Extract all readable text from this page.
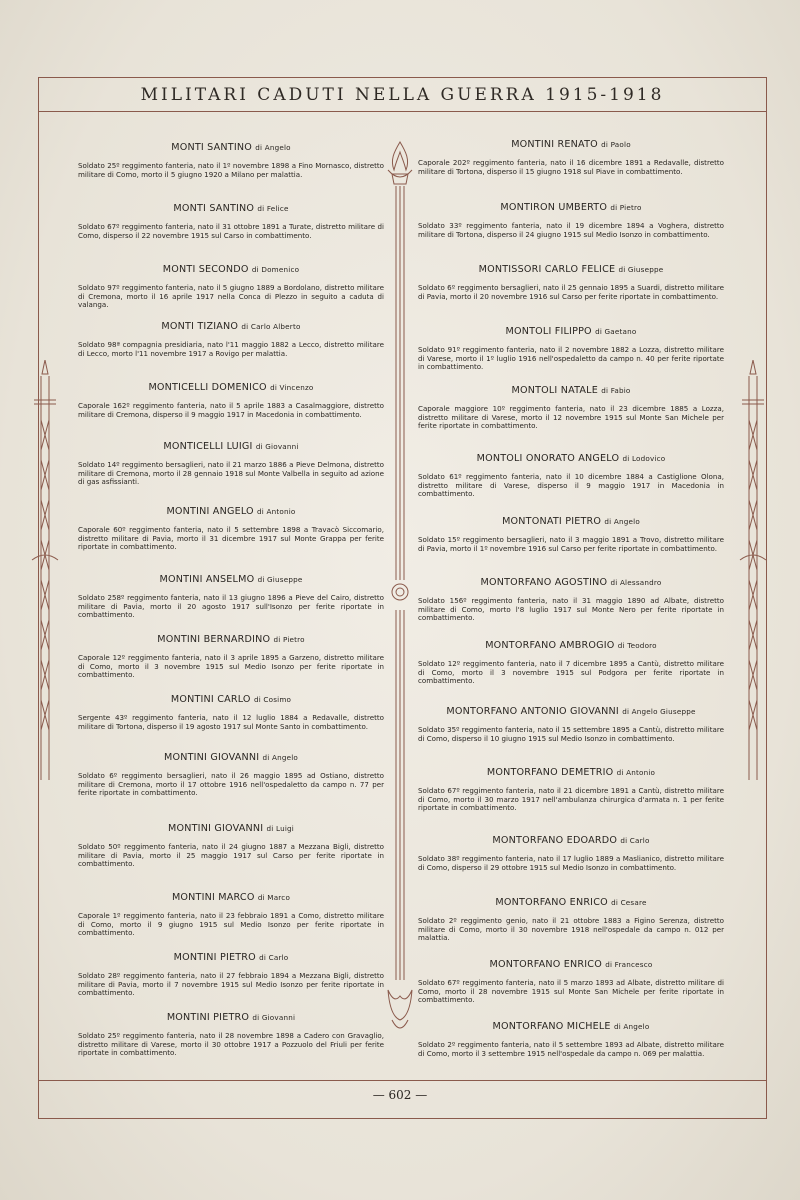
MILITARI CADUTI NELLA GUERRA 1915-1918
MONTI SANTINO di Angelo
Soldato 25º reggimento fanteria, nato il 1º novembre 1898 a Fino Mornasco, distretto militare di Como, morto il 5 giugno 1920 a Milano per malattia.
MONTI SANTINO di Felice
Soldato 67º reggimento fanteria, nato il 31 ottobre 1891 a Turate, distretto militare di Como, disperso il 22 novembre 1915 sul Carso in combattimento.
MONTI SECONDO di Domenico
Soldato 97º reggimento fanteria, nato il 5 giugno 1889 a Bordolano, distretto militare di Cremona, morto il 16 aprile 1917 nella Conca di Plezzo in seguito a caduta di valanga.
MONTI TIZIANO di Carlo Alberto
Soldato 98ª compagnia presidiaria, nato l'11 maggio 1882 a Lecco, distretto militare di Lecco, morto l'11 novembre 1917 a Rovigo per malattia.
MONTICELLI DOMENICO di Vincenzo
Caporale 162º reggimento fanteria, nato il 5 aprile 1883 a Casalmaggiore, distretto militare di Cremona, disperso il 9 maggio 1917 in Macedonia in combattimento.
MONTICELLI LUIGI di Giovanni
Soldato 14º reggimento bersaglieri, nato il 21 marzo 1886 a Pieve Delmona, distretto militare di Cremona, morto il 28 gennaio 1918 sul Monte Valbella in seguito ad azione di gas asfissianti.
MONTINI ANGELO di Antonio
Caporale 60º reggimento fanteria, nato il 5 settembre 1898 a Travacò Siccomario, distretto militare di Pavia, morto il 31 dicembre 1917 sul Monte Grappa per ferite riportate in combattimento.
MONTINI ANSELMO di Giuseppe
Soldato 258º reggimento fanteria, nato il 13 giugno 1896 a Pieve del Cairo, distretto militare di Pavia, morto il 20 agosto 1917 sull'Isonzo per ferite riportate in combattimento.
MONTINI BERNARDINO di Pietro
Caporale 12º reggimento fanteria, nato il 3 aprile 1895 a Garzeno, distretto militare di Como, morto il 3 novembre 1915 sul Medio Isonzo per ferite riportate in combattimento.
MONTINI CARLO di Cosimo
Sergente 43º reggimento fanteria, nato il 12 luglio 1884 a Redavalle, distretto militare di Tortona, disperso il 19 agosto 1917 sul Monte Santo in combattimento.
MONTINI GIOVANNI di Angelo
Soldato 6º reggimento bersaglieri, nato il 26 maggio 1895 ad Ostiano, distretto militare di Cremona, morto il 17 ottobre 1916 nell'ospedaletto da campo n. 77 per ferite riportate in combattimento.
MONTINI GIOVANNI di Luigi
Soldato 50º reggimento fanteria, nato il 24 giugno 1887 a Mezzana Bigli, distretto militare di Pavia, morto il 25 maggio 1917 sul Carso per ferite riportate in combattimento.
MONTINI MARCO di Marco
Caporale 1º reggimento fanteria, nato il 23 febbraio 1891 a Como, distretto militare di Como, morto il 9 giugno 1915 sul Medio Isonzo per ferite riportate in combattimento.
MONTINI PIETRO di Carlo
Soldato 28º reggimento fanteria, nato il 27 febbraio 1894 a Mezzana Bigli, distretto militare di Pavia, morto il 7 novembre 1915 sul Medio Isonzo per ferite riportate in combattimento.
MONTINI PIETRO di Giovanni
Soldato 25º reggimento fanteria, nato il 28 novembre 1898 a Cadero con Gravaglio, distretto militare di Varese, morto il 30 ottobre 1917 a Pozzuolo del Friuli per ferite riportate in combattimento.
MONTINI RENATO di Paolo
Caporale 202º reggimento fanteria, nato il 16 dicembre 1891 a Redavalle, distretto militare di Tortona, disperso il 15 giugno 1918 sul Piave in combattimento.
MONTIRON UMBERTO di Pietro
Soldato 33º reggimento fanteria, nato il 19 dicembre 1894 a Voghera, distretto militare di Tortona, disperso il 24 giugno 1915 sul Medio Isonzo in combattimento.
MONTISSORI CARLO FELICE di Giuseppe
Soldato 6º reggimento bersaglieri, nato il 25 gennaio 1895 a Suardi, distretto militare di Pavia, morto il 20 novembre 1916 sul Carso per ferite riportate in combattimento.
MONTOLI FILIPPO di Gaetano
Soldato 91º reggimento fanteria, nato il 2 novembre 1882 a Lozza, distretto militare di Varese, morto il 1º luglio 1916 nell'ospedaletto da campo n. 40 per ferite riportate in combattimento.
MONTOLI NATALE di Fabio
Caporale maggiore 10º reggimento fanteria, nato il 23 dicembre 1885 a Lozza, distretto militare di Varese, morto il 12 novembre 1915 sul Monte San Michele per ferite riportate in combattimento.
MONTOLI ONORATO ANGELO di Lodovico
Soldato 61º reggimento fanteria, nato il 10 dicembre 1884 a Castiglione Olona, distretto militare di Varese, disperso il 9 maggio 1917 in Macedonia in combattimento.
MONTONATI PIETRO di Angelo
Soldato 15º reggimento bersaglieri, nato il 3 maggio 1891 a Trovo, distretto militare di Pavia, morto il 1º novembre 1916 sul Carso per ferite riportate in combattimento.
MONTORFANO AGOSTINO di Alessandro
Soldato 156º reggimento fanteria, nato il 31 maggio 1890 ad Albate, distretto militare di Como, morto l'8 luglio 1917 sul Monte Nero per ferite riportate in combattimento.
MONTORFANO AMBROGIO di Teodoro
Soldato 12º reggimento fanteria, nato il 7 dicembre 1895 a Cantù, distretto militare di Como, morto il 3 novembre 1915 sul Podgora per ferite riportate in combattimento.
MONTORFANO ANTONIO GIOVANNI di Angelo Giuseppe
Soldato 35º reggimento fanteria, nato il 15 settembre 1895 a Cantù, distretto militare di Como, disperso il 10 giugno 1915 sul Medio Isonzo in combattimento.
MONTORFANO DEMETRIO di Antonio
Soldato 67º reggimento fanteria, nato il 21 dicembre 1891 a Cantù, distretto militare di Como, morto il 30 marzo 1917 nell'ambulanza chirurgica d'armata n. 1 per ferite riportate in combattimento.
MONTORFANO EDOARDO di Carlo
Soldato 38º reggimento fanteria, nato il 17 luglio 1889 a Maslianico, distretto militare di Como, disperso il 29 ottobre 1915 sul Medio Isonzo in combattimento.
MONTORFANO ENRICO di Cesare
Soldato 2º reggimento genio, nato il 21 ottobre 1883 a Figino Serenza, distretto militare di Como, morto il 30 novembre 1918 nell'ospedale da campo n. 012 per malattia.
MONTORFANO ENRICO di Francesco
Soldato 67º reggimento fanteria, nato il 5 marzo 1893 ad Albate, distretto militare di Como, morto il 28 novembre 1915 sul Monte San Michele per ferite riportate in combattimento.
MONTORFANO MICHELE di Angelo
Soldato 2º reggimento fanteria, nato il 5 settembre 1893 ad Albate, distretto militare di Como, morto il 3 settembre 1915 nell'ospedale da campo n. 069 per malattia.
— 602 —
